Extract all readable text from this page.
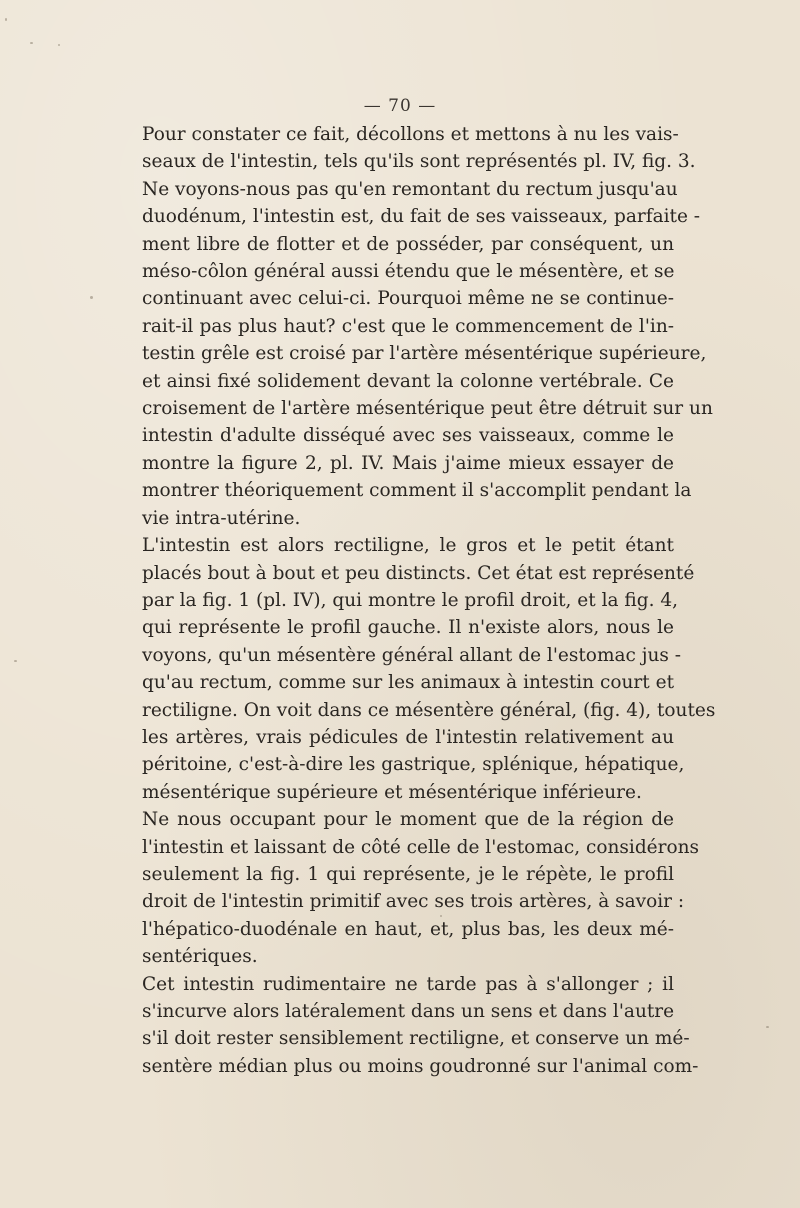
— 70 —
Pour constater ce fait, décollons et mettons à nu les vais-
seaux de l'intestin, tels qu'ils sont représentés pl. IV, fig. 3.
Ne voyons-nous pas qu'en remontant du rectum jusqu'au
duodénum, l'intestin est, du fait de ses vaisseaux, parfaite -
ment libre de flotter et de posséder, par conséquent, un
méso-côlon général aussi étendu que le mésentère, et se
continuant avec celui-ci. Pourquoi même ne se continue-
rait-il pas plus haut? c'est que le commencement de l'in-
testin grêle est croisé par l'artère mésentérique supérieure,
et ainsi fixé solidement devant la colonne vertébrale. Ce
croisement de l'artère mésentérique peut être détruit sur un
intestin d'adulte disséqué avec ses vaisseaux, comme le
montre la figure 2, pl. IV. Mais j'aime mieux essayer de
montrer théoriquement comment il s'accomplit pendant la
vie intra-utérine.
L'intestin est alors rectiligne, le gros et le petit étant
placés bout à bout et peu distincts. Cet état est représenté
par la fig. 1 (pl. IV), qui montre le profil droit, et la fig. 4,
qui représente le profil gauche. Il n'existe alors, nous le
voyons, qu'un mésentère général allant de l'estomac jus -
qu'au rectum, comme sur les animaux à intestin court et
rectiligne. On voit dans ce mésentère général, (fig. 4), toutes
les artères, vrais pédicules de l'intestin relativement au
péritoine, c'est-à-dire les gastrique, splénique, hépatique,
mésentérique supérieure et mésentérique inférieure.
Ne nous occupant pour le moment que de la région de
l'intestin et laissant de côté celle de l'estomac, considérons
seulement la fig. 1 qui représente, je le répète, le profil
droit de l'intestin primitif avec ses trois artères, à savoir :
l'hépatico-duodénale en haut, et, plus bas, les deux mé-
sentériques.
Cet intestin rudimentaire ne tarde pas à s'allonger ; il
s'incurve alors latéralement dans un sens et dans l'autre
s'il doit rester sensiblement rectiligne, et conserve un mé-
sentère médian plus ou moins goudronné sur l'animal com-
